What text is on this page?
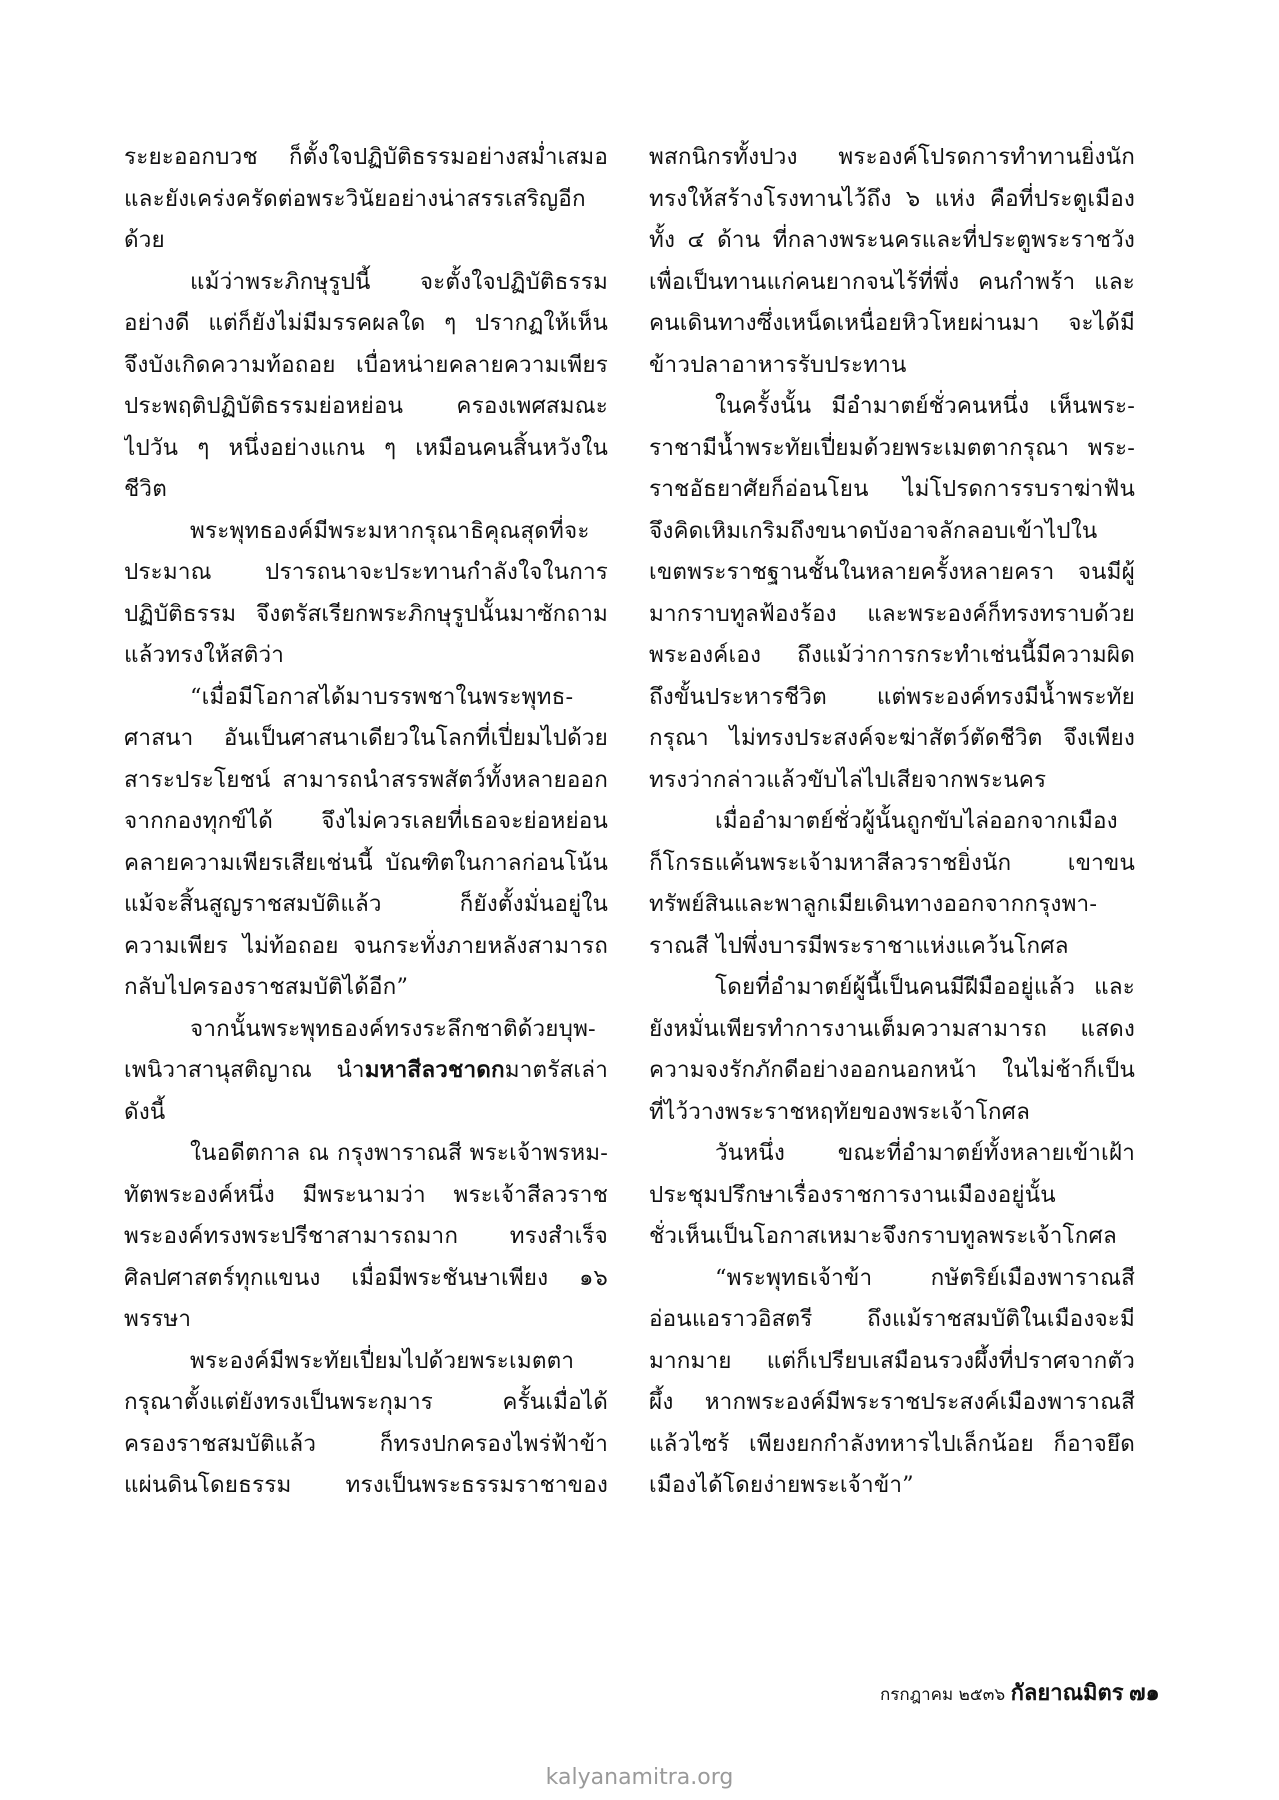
ระยะออกบวช ก็ตั้งใจปฏิบัติธรรมอย่างสม่ำเสมอ
และยังเคร่งครัดต่อพระวินัยอย่างน่าสรรเสริญอีก
ด้วย
แม้ว่าพระภิกษุรูปนี้ จะตั้งใจปฏิบัติธรรม
อย่างดี แต่ก็ยังไม่มีมรรคผลใด ๆ ปรากฏให้เห็น
จึงบังเกิดความท้อถอย เบื่อหน่ายคลายความเพียร
ประพฤติปฏิบัติธรรมย่อหย่อน ครองเพศสมณะ
ไปวัน ๆ หนึ่งอย่างแกน ๆ เหมือนคนสิ้นหวังใน
ชีวิต
พระพุทธองค์มีพระมหากรุณาธิคุณสุดที่จะ
ประมาณ ปรารถนาจะประทานกำลังใจในการ
ปฏิบัติธรรม จึงตรัสเรียกพระภิกษุรูปนั้นมาซักถาม
แล้วทรงให้สติว่า
“เมื่อมีโอกาสได้มาบรรพชาในพระพุทธ-
ศาสนา อันเป็นศาสนาเดียวในโลกที่เปี่ยมไปด้วย
สาระประโยชน์ สามารถนำสรรพสัตว์ทั้งหลายออก
จากกองทุกข์ได้ จึงไม่ควรเลยที่เธอจะย่อหย่อน
คลายความเพียรเสียเช่นนี้ บัณฑิตในกาลก่อนโน้น
แม้จะสิ้นสูญราชสมบัติแล้ว ก็ยังตั้งมั่นอยู่ใน
ความเพียร ไม่ท้อถอย จนกระทั่งภายหลังสามารถ
กลับไปครองราชสมบัติได้อีก”
จากนั้นพระพุทธองค์ทรงระลึกชาติด้วยบุพ-
เพนิวาสานุสติญาณ นำมหาสีลวชาดกมาตรัสเล่า
ดังนี้
ในอดีตกาล ณ กรุงพาราณสี พระเจ้าพรหม-
ทัตพระองค์หนึ่ง มีพระนามว่า พระเจ้าสีลวราช
พระองค์ทรงพระปรีชาสามารถมาก ทรงสำเร็จ
ศิลปศาสตร์ทุกแขนง เมื่อมีพระชันษาเพียง ๑๖
พรรษา
พระองค์มีพระทัยเปี่ยมไปด้วยพระเมตตา
กรุณาตั้งแต่ยังทรงเป็นพระกุมาร ครั้นเมื่อได้
ครองราชสมบัติแล้ว ก็ทรงปกครองไพร่ฟ้าข้า
แผ่นดินโดยธรรม ทรงเป็นพระธรรมราชาของ
พสกนิกรทั้งปวง พระองค์โปรดการทำทานยิ่งนัก
ทรงให้สร้างโรงทานไว้ถึง ๖ แห่ง คือที่ประตูเมือง
ทั้ง ๔ ด้าน ที่กลางพระนครและที่ประตูพระราชวัง
เพื่อเป็นทานแก่คนยากจนไร้ที่พึ่ง คนกำพร้า และ
คนเดินทางซึ่งเหน็ดเหนื่อยหิวโหยผ่านมา จะได้มี
ข้าวปลาอาหารรับประทาน
ในครั้งนั้น มีอำมาตย์ชั่วคนหนึ่ง เห็นพระ-
ราชามีน้ำพระทัยเปี่ยมด้วยพระเมตตากรุณา พระ-
ราชอัธยาศัยก็อ่อนโยน ไม่โปรดการรบราฆ่าฟัน
จึงคิดเหิมเกริมถึงขนาดบังอาจลักลอบเข้าไปใน
เขตพระราชฐานชั้นในหลายครั้งหลายครา จนมีผู้
มากราบทูลฟ้องร้อง และพระองค์ก็ทรงทราบด้วย
พระองค์เอง ถึงแม้ว่าการกระทำเช่นนี้มีความผิด
ถึงขั้นประหารชีวิต แต่พระองค์ทรงมีน้ำพระทัย
กรุณา ไม่ทรงประสงค์จะฆ่าสัตว์ตัดชีวิต จึงเพียง
ทรงว่ากล่าวแล้วขับไล่ไปเสียจากพระนคร
เมื่ออำมาตย์ชั่วผู้นั้นถูกขับไล่ออกจากเมือง
ก็โกรธแค้นพระเจ้ามหาสีลวราชยิ่งนัก เขาขน
ทรัพย์สินและพาลูกเมียเดินทางออกจากกรุงพา-
ราณสี ไปพึ่งบารมีพระราชาแห่งแคว้นโกศล
โดยที่อำมาตย์ผู้นี้เป็นคนมีฝีมืออยู่แล้ว และ
ยังหมั่นเพียรทำการงานเต็มความสามารถ แสดง
ความจงรักภักดีอย่างออกนอกหน้า ในไม่ช้าก็เป็น
ที่ไว้วางพระราชหฤทัยของพระเจ้าโกศล
วันหนึ่ง ขณะที่อำมาตย์ทั้งหลายเข้าเฝ้า
ประชุมปรึกษาเรื่องราชการงานเมืองอยู่นั้น
ชั่วเห็นเป็นโอกาสเหมาะจึงกราบทูลพระเจ้าโกศล
“พระพุทธเจ้าข้า กษัตริย์เมืองพาราณสี
อ่อนแอราวอิสตรี ถึงแม้ราชสมบัติในเมืองจะมี
มากมาย แต่ก็เปรียบเสมือนรวงผึ้งที่ปราศจากตัว
ผึ้ง หากพระองค์มีพระราชประสงค์เมืองพาราณสี
แล้วไซร้ เพียงยกกำลังทหารไปเล็กน้อย ก็อาจยึด
เมืองได้โดยง่ายพระเจ้าข้า”
กรกฎาคม ๒๕๓๖ กัลยาณมิตร ๗๑
kalyanamitra.org
